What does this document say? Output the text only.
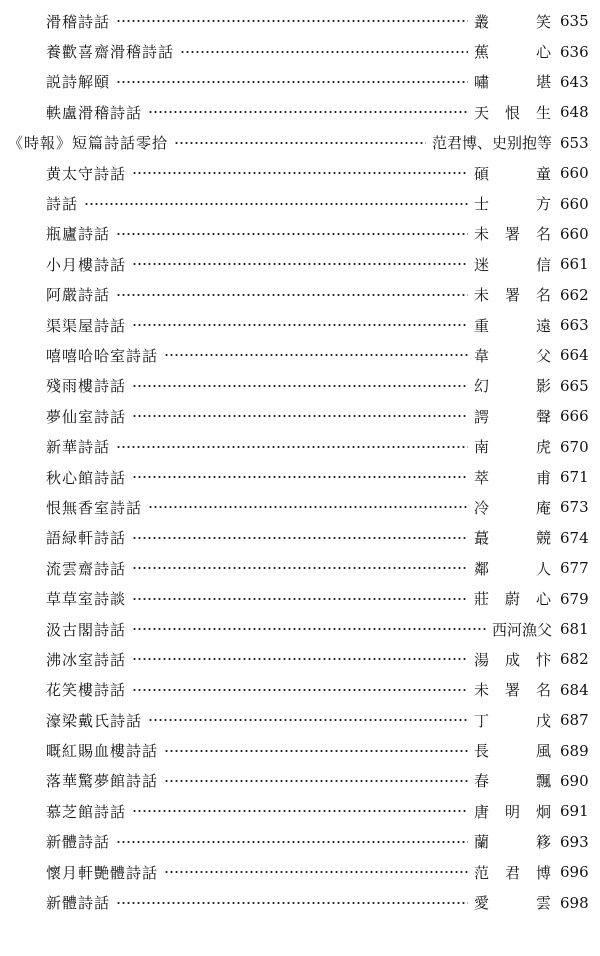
滑稽詩話	叢 笑 635
養歡喜齋滑稽詩話	蕉 心 636
説詩解頤	嘯 堪 643
軼盧滑稽詩話	天恨生 648
《時報》短篇詩話零拾	范君博、史别抱等 653
黄太守詩話	碩 童 660
詩話	士 方 660
瓶廬詩話	未署名 660
小月樓詩話	迷 信 661
阿嚴詩話	未署名 662
渠渠屋詩話	重 遠 663
嘻嘻哈哈室詩話	韋 父 664
殘雨樓詩話	幻 影 665
夢仙室詩話	諤 聲 666
新華詩話	南 虎 670
秋心館詩話	萃 甫 671
恨無香室詩話	冷 庵 673
語緑軒詩話	蕞 競 674
流雲齋詩話	鄰 人 677
草草室詩談	莊蔚心 679
汲古閣詩話	西河漁父 681
沸冰室詩話	湯成忭 682
花笑樓詩話	未署名 684
濠梁戴氏詩話	丁 戊 687
嘅紅賜血樓詩話	長 風 689
落華驚夢館詩話	春 飄 690
慕芝館詩話	唐明炯 691
新體詩話	蘭 簃 693
懷月軒艷體詩話	范君博 696
新體詩話	愛 雲 698
